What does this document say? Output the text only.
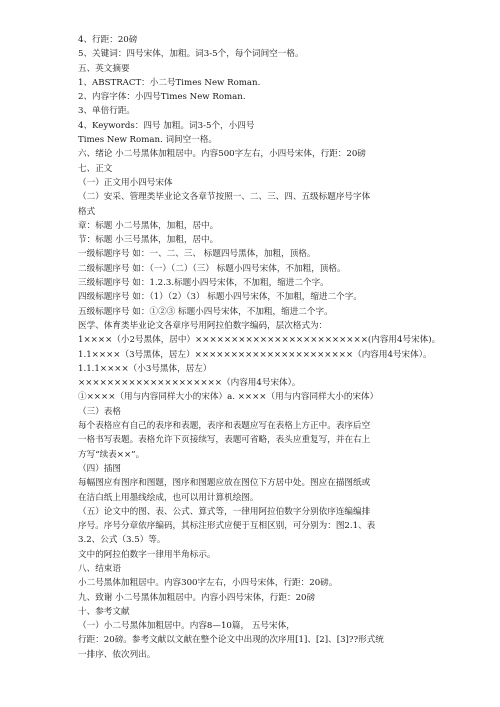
4、行距：20磅
5、关键词：四号宋体，加粗。词3-5个，每个词间空一格。
五、英文摘要
1、ABSTRACT：小二号Times New Roman.
2、内容字体：小四号Times New Roman.
3、单倍行距。
4、Keywords：四号 加粗。词3-5个，小四号
Times New Roman. 词间空一格。
六、绪论 小二号黑体加粗居中。内容500字左右，小四号宋体，行距：20磅
七、正文
（一）正文用小四号宋体
（二）安采、管理类毕业论文各章节按照一、二、三、四、五级标题序号字体
格式
章：标题 小二号黑体，加粗，居中。
节：标题 小三号黑体，加粗，居中。
一级标题序号 如：一、二、三、 标题四号黑体，加粗，顶格。
二级标题序号 如：（一）（二）（三） 标题小四号宋体，不加粗，顶格。
三级标题序号 如：1.2.3.标题小四号宋体，不加粗，缩进二个字。
四级标题序号 如：（1）（2）（3） 标题小四号宋体，不加粗，缩进二个字。
五级标题序号 如：①②③ 标题小四号宋体，不加粗，缩进二个字。
医学、体育类毕业论文各章序号用阿拉伯数字编码，层次格式为：
1××××（小2号黑体，居中）××××××××××××××××××××××××(内容用4号宋体)。
1.1××××（3号黑体，居左）××××××××××××××××××××××（内容用4号宋体）。
1.1.1××××（小3号黑体，居左）
××××××××××××××××××××（内容用4号宋体）。
①××××（用与内容同样大小的宋体）a. ××××（用与内容同样大小的宋体）
（三）表格
每个表格应有自己的表序和表题，表序和表题应写在表格上方正中。表序后空
一格书写表题。表格允许下页接续写，表题可省略，表头应重复写，并在右上
方写“续表××”。
（四）插图
每幅图应有图序和图题，图序和图题应放在图位下方居中处。图应在描图纸或
在洁白纸上用墨线绘成，也可以用计算机绘图。
（五）论文中的图、表、公式、算式等，一律用阿拉伯数字分别依序连编编排
序号。序号分章依序编码，其标注形式应便于互相区别，可分别为：图2.1、表
3.2、公式（3.5）等。
文中的阿拉伯数字一律用半角标示。
八、结束语
小二号黑体加粗居中。内容300字左右，小四号宋体，行距：20磅。
九、致谢 小二号黑体加粗居中。内容小四号宋体，行距：20磅
十、参考文献
（一）小二号黑体加粗居中。内容8—10篇， 五号宋体，
行距：20磅。参考文献以文献在整个论文中出现的次序用[1]、[2]、[3]??形式统
一排序、依次列出。
